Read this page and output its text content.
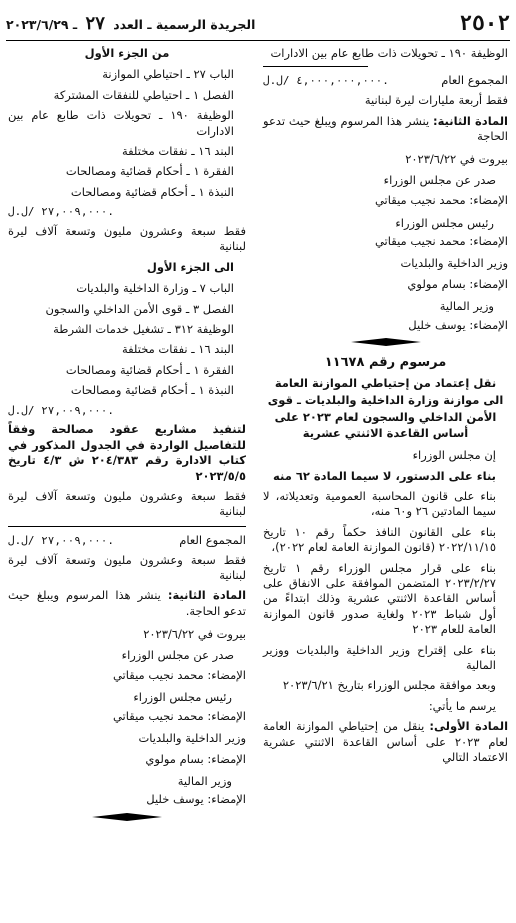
٢٥٠٢
الجريدة الرسمية ـ العدد ٢٧ ـ ٢٠٢٣/٦/٢٩

الوظيفة ١٩٠ ـ تحويلات ذات طابع عام بين الادارات

المجموع العام
٤,٠٠٠,٠٠٠,٠٠٠ /ل.ل.

فقط أربعة مليارات ليرة لبنانية

المادة الثانية: ينشر هذا المرسوم ويبلغ حيث تدعو الحاجة

بيروت في ٢٠٢٣/٦/٢٢

صدر عن مجلس الوزراء

الإمضاء: محمد نجيب ميقاتي

رئيس مجلس الوزراء

الإمضاء: محمد نجيب ميقاتي

وزير الداخلية والبلديات

الإمضاء: بسام مولوي

وزير المالية

الإمضاء: يوسف خليل

مرسوم رقم ١١٦٧٨

نقل إعتماد من إحتياطي الموازنة العامة الى موازنة وزارة الداخلية والبلديات ـ قوى الأمن الداخلي والسجون لعام ٢٠٢٣ على أساس القاعدة الاثنتي عشرية

إن مجلس الوزراء

بناء على الدستور، لا سيما المادة ٦٢ منه

بناء على قانون المحاسبة العمومية وتعديلاته، لا سيما المادتين ٢٦ و٦٠ منه،

بناء على القانون النافذ حكماً رقم ١٠ تاريخ ٢٠٢٢/١١/١٥ (قانون الموازنة العامة لعام ٢٠٢٢)،

بناء على قرار مجلس الوزراء رقم ١ تاريخ ٢٠٢٣/٢/٢٧ المتضمن الموافقة على الانفاق على أساس القاعدة الاثنتي عشرية وذلك ابتداءً من أول شباط ٢٠٢٣ ولغاية صدور قانون الموازنة العامة للعام ٢٠٢٣

بناء على إقتراح وزير الداخلية والبلديات ووزير المالية

وبعد موافقة مجلس الوزراء بتاريخ ٢٠٢٣/٦/٢١

يرسم ما يأتي:

المادة الأولى: ينقل من إحتياطي الموازنة العامة لعام ٢٠٢٣ على أساس القاعدة الاثنتي عشرية الاعتماد التالي

من الجزء الأول

الباب ٢٧ ـ احتياطي الموازنة

الفصل ١ ـ احتياطي للنفقات المشتركة

الوظيفة ١٩٠ ـ تحويلات ذات طابع عام بين الادارات

البند ١٦ ـ نفقات مختلفة

الفقرة ١ ـ أحكام قضائية ومصالحات

النبذة ١ ـ أحكام قضائية ومصالحات

٢٧,٠٠٩,٠٠٠ /ل.ل.

فقط سبعة وعشرون مليون وتسعة آلاف ليرة لبنانية

الى الجزء الأول

الباب ٧ ـ وزارة الداخلية والبلديات

الفصل ٣ ـ قوى الأمن الداخلي والسجون

الوظيفة ٣١٢ ـ تشغيل خدمات الشرطة

البند ١٦ ـ نفقات مختلفة

الفقرة ١ ـ أحكام قضائية ومصالحات

النبذة ١ ـ أحكام قضائية ومصالحات

٢٧,٠٠٩,٠٠٠ /ل.ل.

لتنفيذ مشاريع عقود مصالحة وفقاً للتفاصيل الواردة في الجدول المذكور في كتاب الادارة رقم ٢٠٤/٣٨٣ ش ٤/٣ تاريخ ٢٠٢٣/٥/٥

فقط سبعة وعشرون مليون وتسعة آلاف ليرة لبنانية

المجموع العام
٢٧,٠٠٩,٠٠٠ /ل.ل.

فقط سبعة وعشرون مليون وتسعة آلاف ليرة لبنانية

المادة الثانية: ينشر هذا المرسوم ويبلغ حيث تدعو الحاجة.

بيروت في ٢٠٢٣/٦/٢٢

صدر عن مجلس الوزراء

الإمضاء: محمد نجيب ميقاتي

رئيس مجلس الوزراء

الإمضاء: محمد نجيب ميقاتي

وزير الداخلية والبلديات

الإمضاء: بسام مولوي

وزير المالية

الإمضاء: يوسف خليل
